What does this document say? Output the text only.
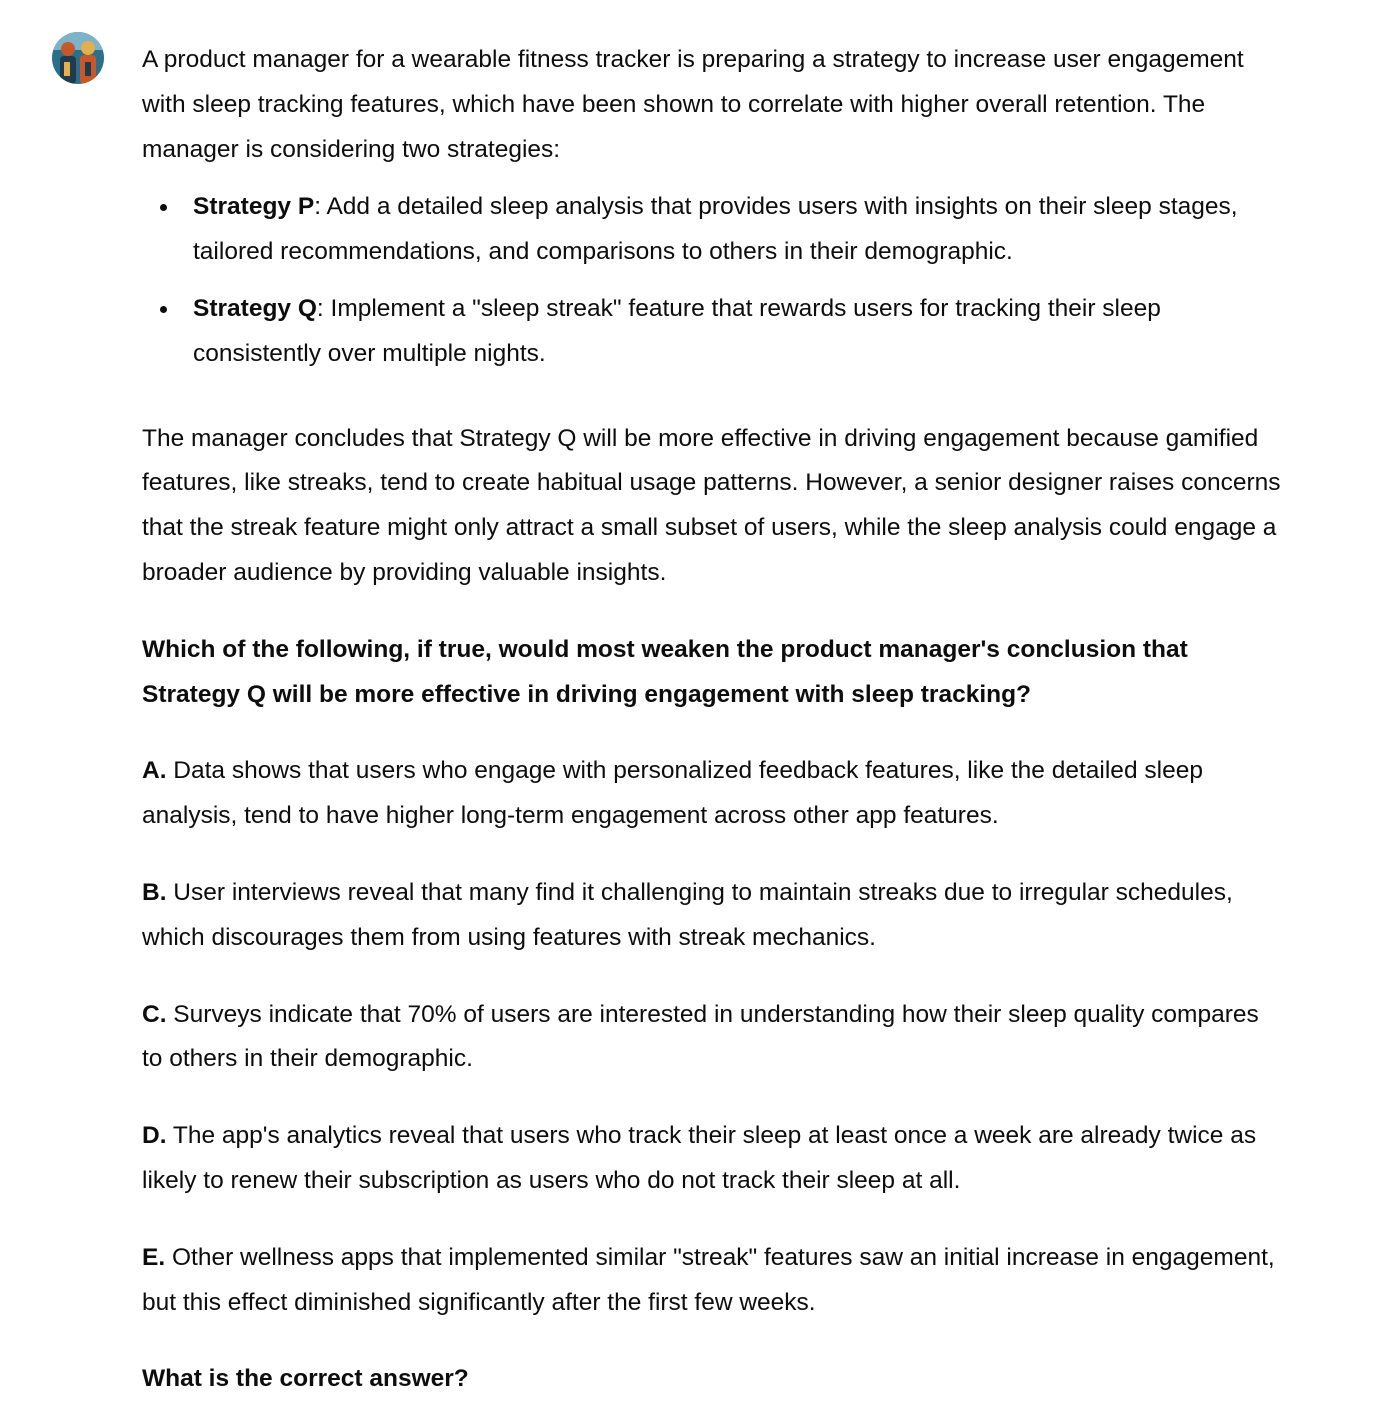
A product manager for a wearable fitness tracker is preparing a strategy to increase user engagement with sleep tracking features, which have been shown to correlate with higher overall retention. The manager is considering two strategies:

Strategy P: Add a detailed sleep analysis that provides users with insights on their sleep stages, tailored recommendations, and comparisons to others in their demographic.
Strategy Q: Implement a "sleep streak" feature that rewards users for tracking their sleep consistently over multiple nights.

The manager concludes that Strategy Q will be more effective in driving engagement because gamified features, like streaks, tend to create habitual usage patterns. However, a senior designer raises concerns that the streak feature might only attract a small subset of users, while the sleep analysis could engage a broader audience by providing valuable insights.

Which of the following, if true, would most weaken the product manager's conclusion that Strategy Q will be more effective in driving engagement with sleep tracking?

A. Data shows that users who engage with personalized feedback features, like the detailed sleep analysis, tend to have higher long-term engagement across other app features.

B. User interviews reveal that many find it challenging to maintain streaks due to irregular schedules, which discourages them from using features with streak mechanics.

C. Surveys indicate that 70% of users are interested in understanding how their sleep quality compares to others in their demographic.

D. The app's analytics reveal that users who track their sleep at least once a week are already twice as likely to renew their subscription as users who do not track their sleep at all.

E. Other wellness apps that implemented similar "streak" features saw an initial increase in engagement, but this effect diminished significantly after the first few weeks.

What is the correct answer?
